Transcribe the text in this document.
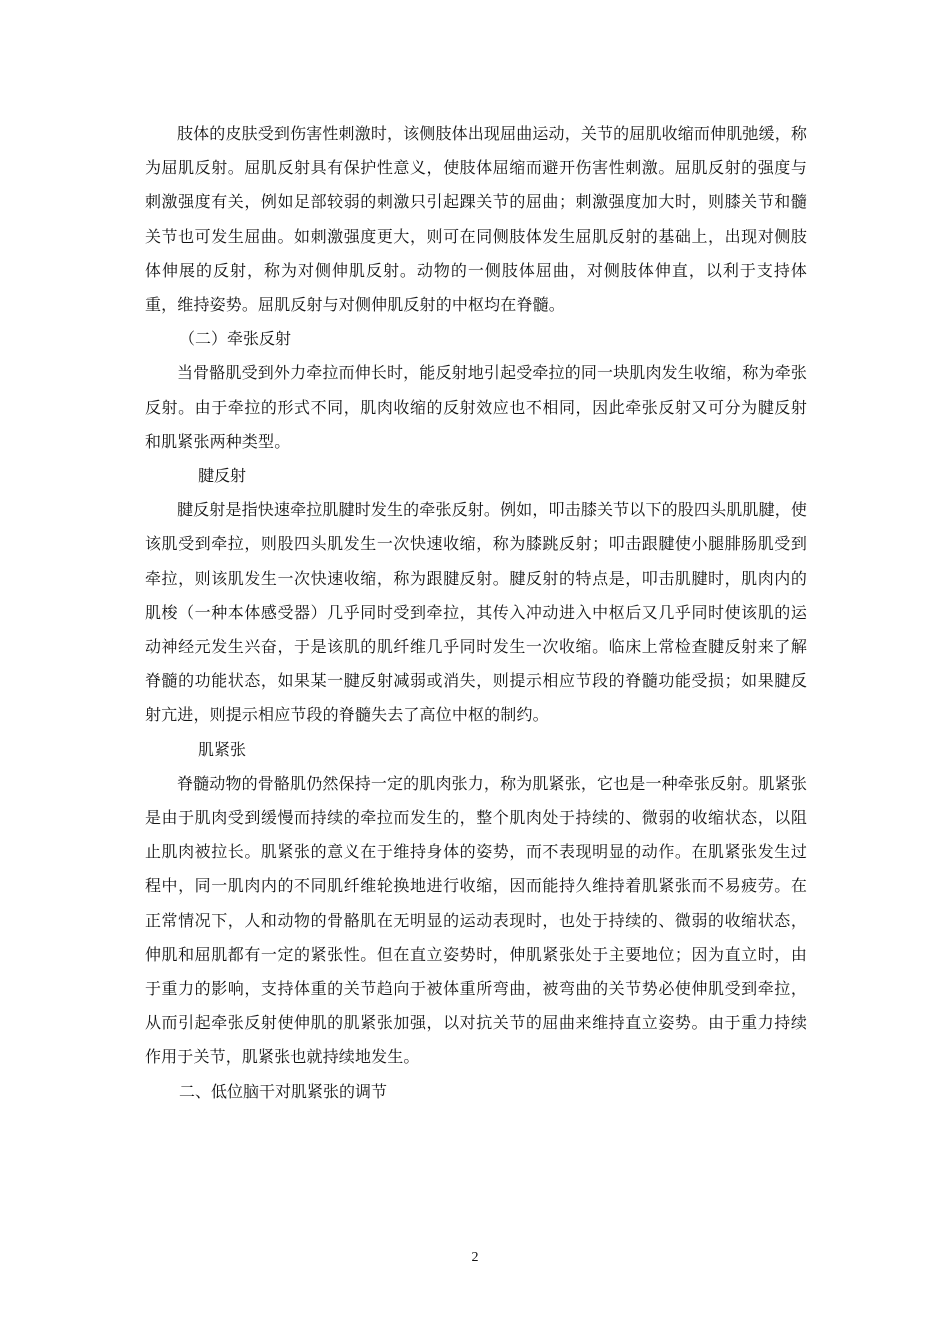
肢体的皮肤受到伤害性刺激时，该侧肢体出现屈曲运动，关节的屈肌收缩而伸肌弛缓，称为屈肌反射。屈肌反射具有保护性意义，使肢体屈缩而避开伤害性刺激。屈肌反射的强度与刺激强度有关，例如足部较弱的刺激只引起踝关节的屈曲；刺激强度加大时，则膝关节和髓关节也可发生屈曲。如刺激强度更大，则可在同侧肢体发生屈肌反射的基础上，出现对侧肢体伸展的反射，称为对侧伸肌反射。动物的一侧肢体屈曲，对侧肢体伸直，以利于支持体重，维持姿势。屈肌反射与对侧伸肌反射的中枢均在脊髓。

（二）牵张反射

当骨骼肌受到外力牵拉而伸长时，能反射地引起受牵拉的同一块肌肉发生收缩，称为牵张反射。由于牵拉的形式不同，肌肉收缩的反射效应也不相同，因此牵张反射又可分为腱反射和肌紧张两种类型。

腱反射

腱反射是指快速牵拉肌腱时发生的牵张反射。例如，叩击膝关节以下的股四头肌肌腱，使该肌受到牵拉，则股四头肌发生一次快速收缩，称为膝跳反射；叩击跟腱使小腿腓肠肌受到牵拉，则该肌发生一次快速收缩，称为跟腱反射。腱反射的特点是，叩击肌腱时，肌肉内的肌梭（一种本体感受器）几乎同时受到牵拉，其传入冲动进入中枢后又几乎同时使该肌的运动神经元发生兴奋，于是该肌的肌纤维几乎同时发生一次收缩。临床上常检查腱反射来了解脊髓的功能状态，如果某一腱反射减弱或消失，则提示相应节段的脊髓功能受损；如果腱反射亢进，则提示相应节段的脊髓失去了高位中枢的制约。

肌紧张

脊髓动物的骨骼肌仍然保持一定的肌肉张力，称为肌紧张，它也是一种牵张反射。肌紧张是由于肌肉受到缓慢而持续的牵拉而发生的，整个肌肉处于持续的、微弱的收缩状态，以阻止肌肉被拉长。肌紧张的意义在于维持身体的姿势，而不表现明显的动作。在肌紧张发生过程中，同一肌肉内的不同肌纤维轮换地进行收缩，因而能持久维持着肌紧张而不易疲劳。在正常情况下，人和动物的骨骼肌在无明显的运动表现时，也处于持续的、微弱的收缩状态，伸肌和屈肌都有一定的紧张性。但在直立姿势时，伸肌紧张处于主要地位；因为直立时，由于重力的影响，支持体重的关节趋向于被体重所弯曲，被弯曲的关节势必使伸肌受到牵拉，从而引起牵张反射使伸肌的肌紧张加强，以对抗关节的屈曲来维持直立姿势。由于重力持续作用于关节，肌紧张也就持续地发生。

二、低位脑干对肌紧张的调节

2
